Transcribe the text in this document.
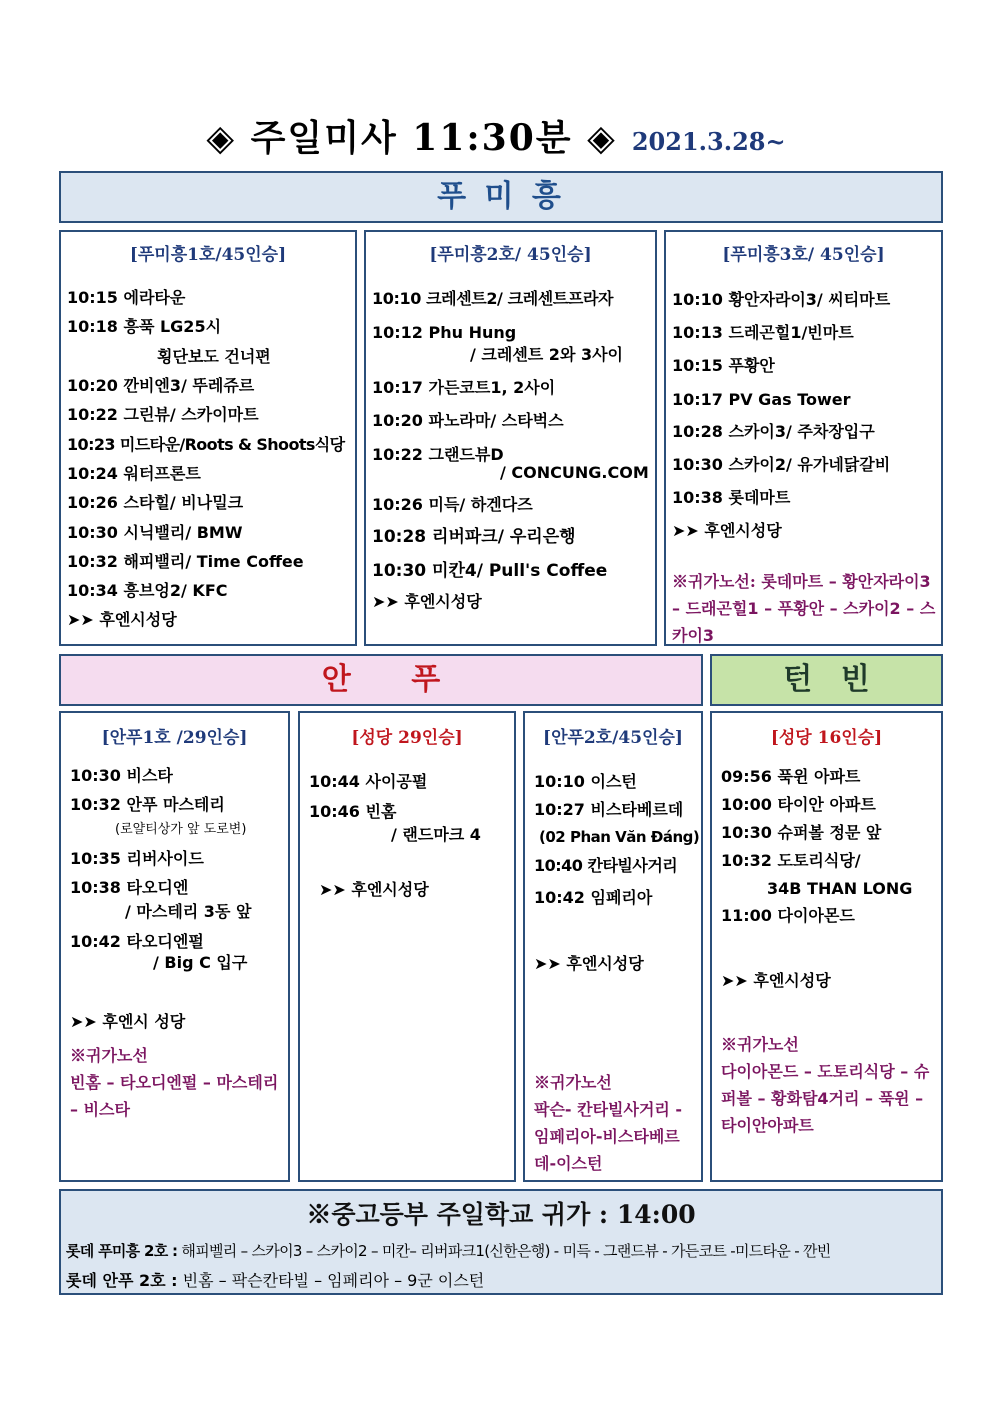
◈ 주일미사 11:30분 ◈ 2021.3.28~
푸 미 흥
[푸미흥1호/45인승]
10:15 에라타운
10:18 흥푹 LG25시
횡단보도 건너편
10:20 깐비엔3/ 뚜레쥬르
10:22 그린뷰/ 스카이마트
10:23 미드타운/Roots & Shoots식당
10:24 워터프론트
10:26 스타힐/ 비나밀크
10:30 시닉밸리/ BMW
10:32 해피밸리/ Time Coffee
10:34 흥브엉2/ KFC
➤➤ 후엔시성당
[푸미흥2호/ 45인승]
10:10 크레센트2/ 크레센트프라자
10:12 Phu Hung
/ 크레센트 2와 3사이
10:17 가든코트1, 2사이
10:20 파노라마/ 스타벅스
10:22 그랜드뷰D
/ CONCUNG.COM
10:26 미득/ 하겐다즈
10:28 리버파크/ 우리은행
10:30 미칸4/ Pull's Coffee
➤➤ 후엔시성당
[푸미흥3호/ 45인승]
10:10 황안자라이3/ 씨티마트
10:13 드레곤힐1/빈마트
10:15 푸황안
10:17 PV Gas Tower
10:28 스카이3/ 주차장입구
10:30 스카이2/ 유가네닭갈비
10:38 롯데마트
➤➤ 후엔시성당
※귀가노선: 롯데마트 – 황안자라이3 – 드래곤힐1 – 푸황안 – 스카이2 – 스카이3
안 푸	턴 빈
[안푸1호 /29인승]
10:30 비스타
10:32 안푸 마스테리
(로얄티상가 앞 도로변)
10:35 리버사이드
10:38 타오디엔
/ 마스테리 3동 앞
10:42 타오디엔펄
/ Big C 입구
➤➤ 후엔시 성당
※귀가노선
빈홈 – 타오디엔펄 – 마스테리 – 비스타
[성당 29인승]
10:44 사이공펄
10:46 빈홈
/ 랜드마크 4
➤➤ 후엔시성당
[안푸2호/45인승]
10:10 이스턴
10:27 비스타베르데
(02 Phan Văn Đáng)
10:40 칸타빌사거리
10:42 임페리아
➤➤ 후엔시성당
※귀가노선
팍슨- 칸타빌사거리 -임페리아-비스타베르데-이스턴
[성당 16인승]
09:56 푹윈 아파트
10:00 타이안 아파트
10:30 슈퍼볼 정문 앞
10:32 도토리식당/
34B THAN LONG
11:00 다이아몬드
➤➤ 후엔시성당
※귀가노선
다이아몬드 – 도토리식당 – 슈퍼볼 – 황화탐4거리 – 푹윈 – 타이안아파트
※중고등부 주일학교 귀가 : 14:00
롯데 푸미흥 2호 : 해피벨리 – 스카이3 – 스카이2 – 미칸– 리버파크1(신한은행) - 미득 - 그랜드뷰 - 가든코트 -미드타운 - 깐빈
롯데 안푸 2호 : 빈홈 – 팍슨칸타빌 – 임페리아 – 9군 이스턴
